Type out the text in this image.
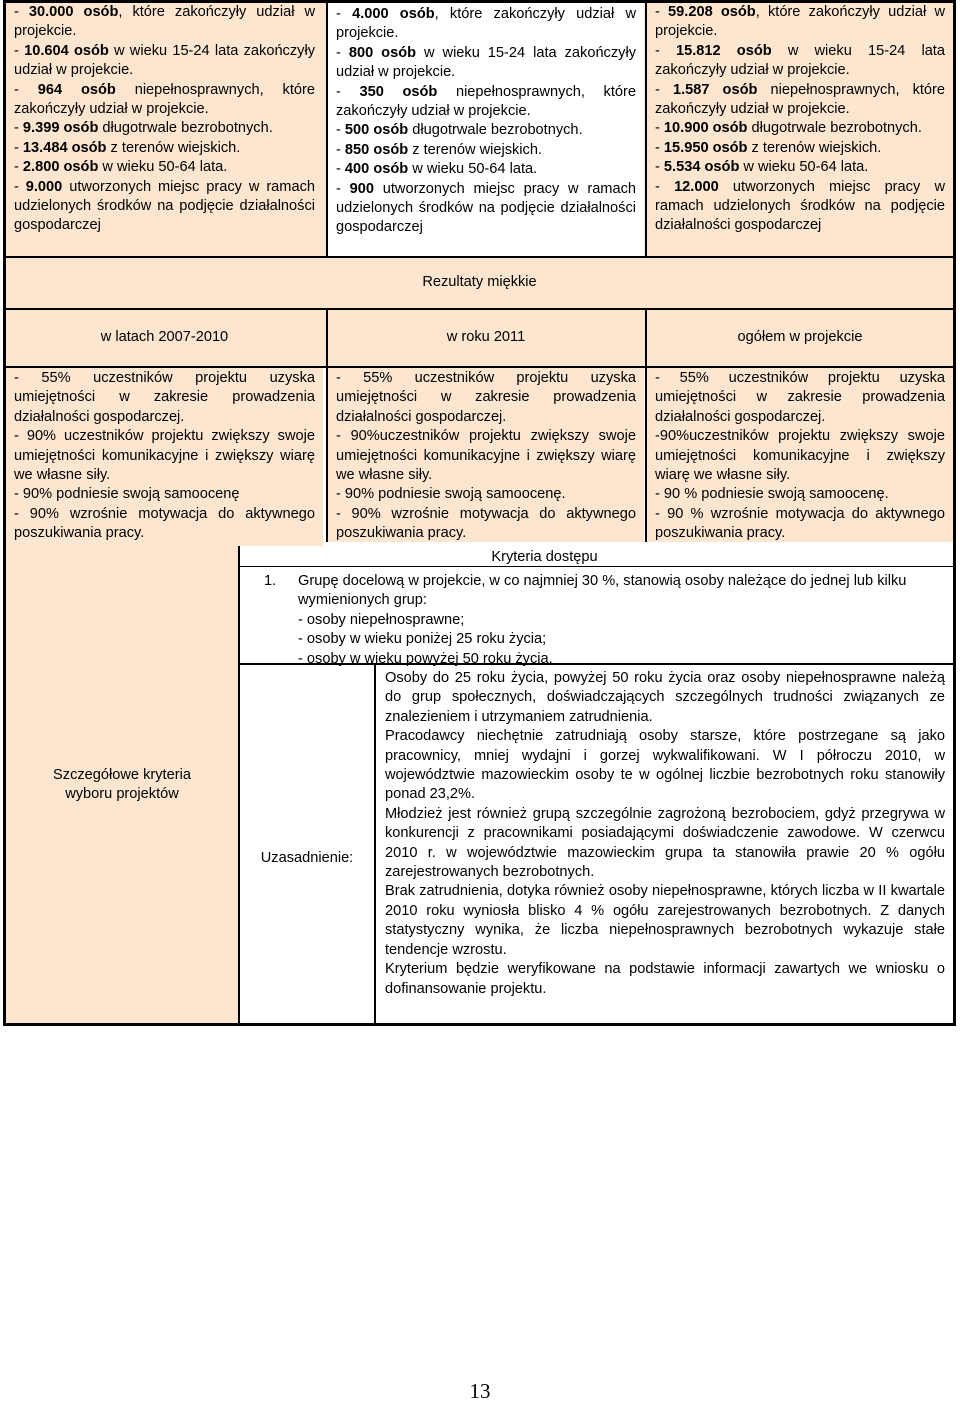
- 30.000 osób, które zakończyły udział w projekcie.

- 10.604 osób w wieku 15-24 lata zakończyły udział w projekcie.

- 964 osób niepełnosprawnych, które zakończyły udział w projekcie.

- 9.399 osób długotrwale bezrobotnych.

- 13.484 osób z terenów wiejskich.

- 2.800 osób w wieku 50-64 lata.

- 9.000 utworzonych miejsc pracy w ramach udzielonych środków na podjęcie działalności gospodarczej

- 4.000 osób, które zakończyły udział w projekcie.

- 800 osób w wieku 15-24 lata zakończyły udział w projekcie.

- 350 osób niepełnosprawnych, które zakończyły udział w projekcie.

- 500 osób długotrwale bezrobotnych.

- 850 osób z terenów wiejskich.

- 400 osób w wieku 50-64 lata.

- 900 utworzonych miejsc pracy w ramach udzielonych środków na podjęcie działalności gospodarczej

- 59.208 osób, które zakończyły udział w projekcie.

- 15.812 osób w wieku 15-24 lata zakończyły udział w projekcie.

- 1.587 osób niepełnosprawnych, które zakończyły udział w projekcie.

- 10.900 osób długotrwale bezrobotnych.

- 15.950 osób z terenów wiejskich.

- 5.534 osób w wieku 50-64 lata.

- 12.000 utworzonych miejsc pracy w ramach udzielonych środków na podjęcie działalności gospodarczej

Rezultaty miękkie
w latach 2007-2010	w roku 2011	ogółem w projekcie

- 55% uczestników projektu uzyska umiejętności w zakresie prowadzenia działalności gospodarczej.

- 90% uczestników projektu zwiększy swoje umiejętności komunikacyjne i zwiększy wiarę we własne siły.

- 90% podniesie swoją samoocenę

- 90% wzrośnie motywacja do aktywnego poszukiwania pracy.

- 55% uczestników projektu uzyska umiejętności w zakresie prowadzenia działalności gospodarczej.

- 90%uczestników projektu zwiększy swoje umiejętności komunikacyjne i zwiększy wiarę we własne siły.

- 90% podniesie swoją samoocenę.

- 90% wzrośnie motywacja do aktywnego poszukiwania pracy.

- 55% uczestników projektu uzyska umiejętności w zakresie prowadzenia działalności gospodarczej.

-90%uczestników projektu zwiększy swoje umiejętności komunikacyjne i zwiększy wiarę we własne siły.

- 90 % podniesie swoją samoocenę.

- 90 % wzrośnie motywacja do aktywnego poszukiwania pracy.

Szczegółowe kryteria wyboru projektów
Kryteria dostępu
1. Grupę docelową w projekcie, w co najmniej 30 %, stanowią osoby należące do jednej lub kilku wymienionych grup:

- osoby niepełnosprawne;

- osoby w wieku poniżej 25 roku życia;

- osoby w wieku powyżej 50 roku życia.

Uzasadnienie:

Osoby do 25 roku życia, powyżej 50 roku życia oraz osoby niepełnosprawne należą do grup społecznych, doświadczających szczególnych trudności związanych ze znalezieniem i utrzymaniem zatrudnienia.

Pracodawcy niechętnie zatrudniają osoby starsze, które postrzegane są jako pracownicy, mniej wydajni i gorzej wykwalifikowani. W I półroczu 2010, w województwie mazowieckim osoby te w ogólnej liczbie bezrobotnych roku stanowiły ponad 23,2%.

Młodzież jest również grupą szczególnie zagrożoną bezrobociem, gdyż przegrywa w konkurencji z pracownikami posiadającymi doświadczenie zawodowe. W czerwcu 2010 r. w województwie mazowieckim grupa ta stanowiła prawie 20 % ogółu zarejestrowanych bezrobotnych.

Brak zatrudnienia, dotyka również osoby niepełnosprawne, których liczba w II kwartale 2010 roku wyniosła blisko 4 % ogółu zarejestrowanych bezrobotnych. Z danych statystyczny wynika, że liczba niepełnosprawnych bezrobotnych wykazuje stałe tendencje wzrostu.

Kryterium będzie weryfikowane na podstawie informacji zawartych we wniosku o dofinansowanie projektu.

13
